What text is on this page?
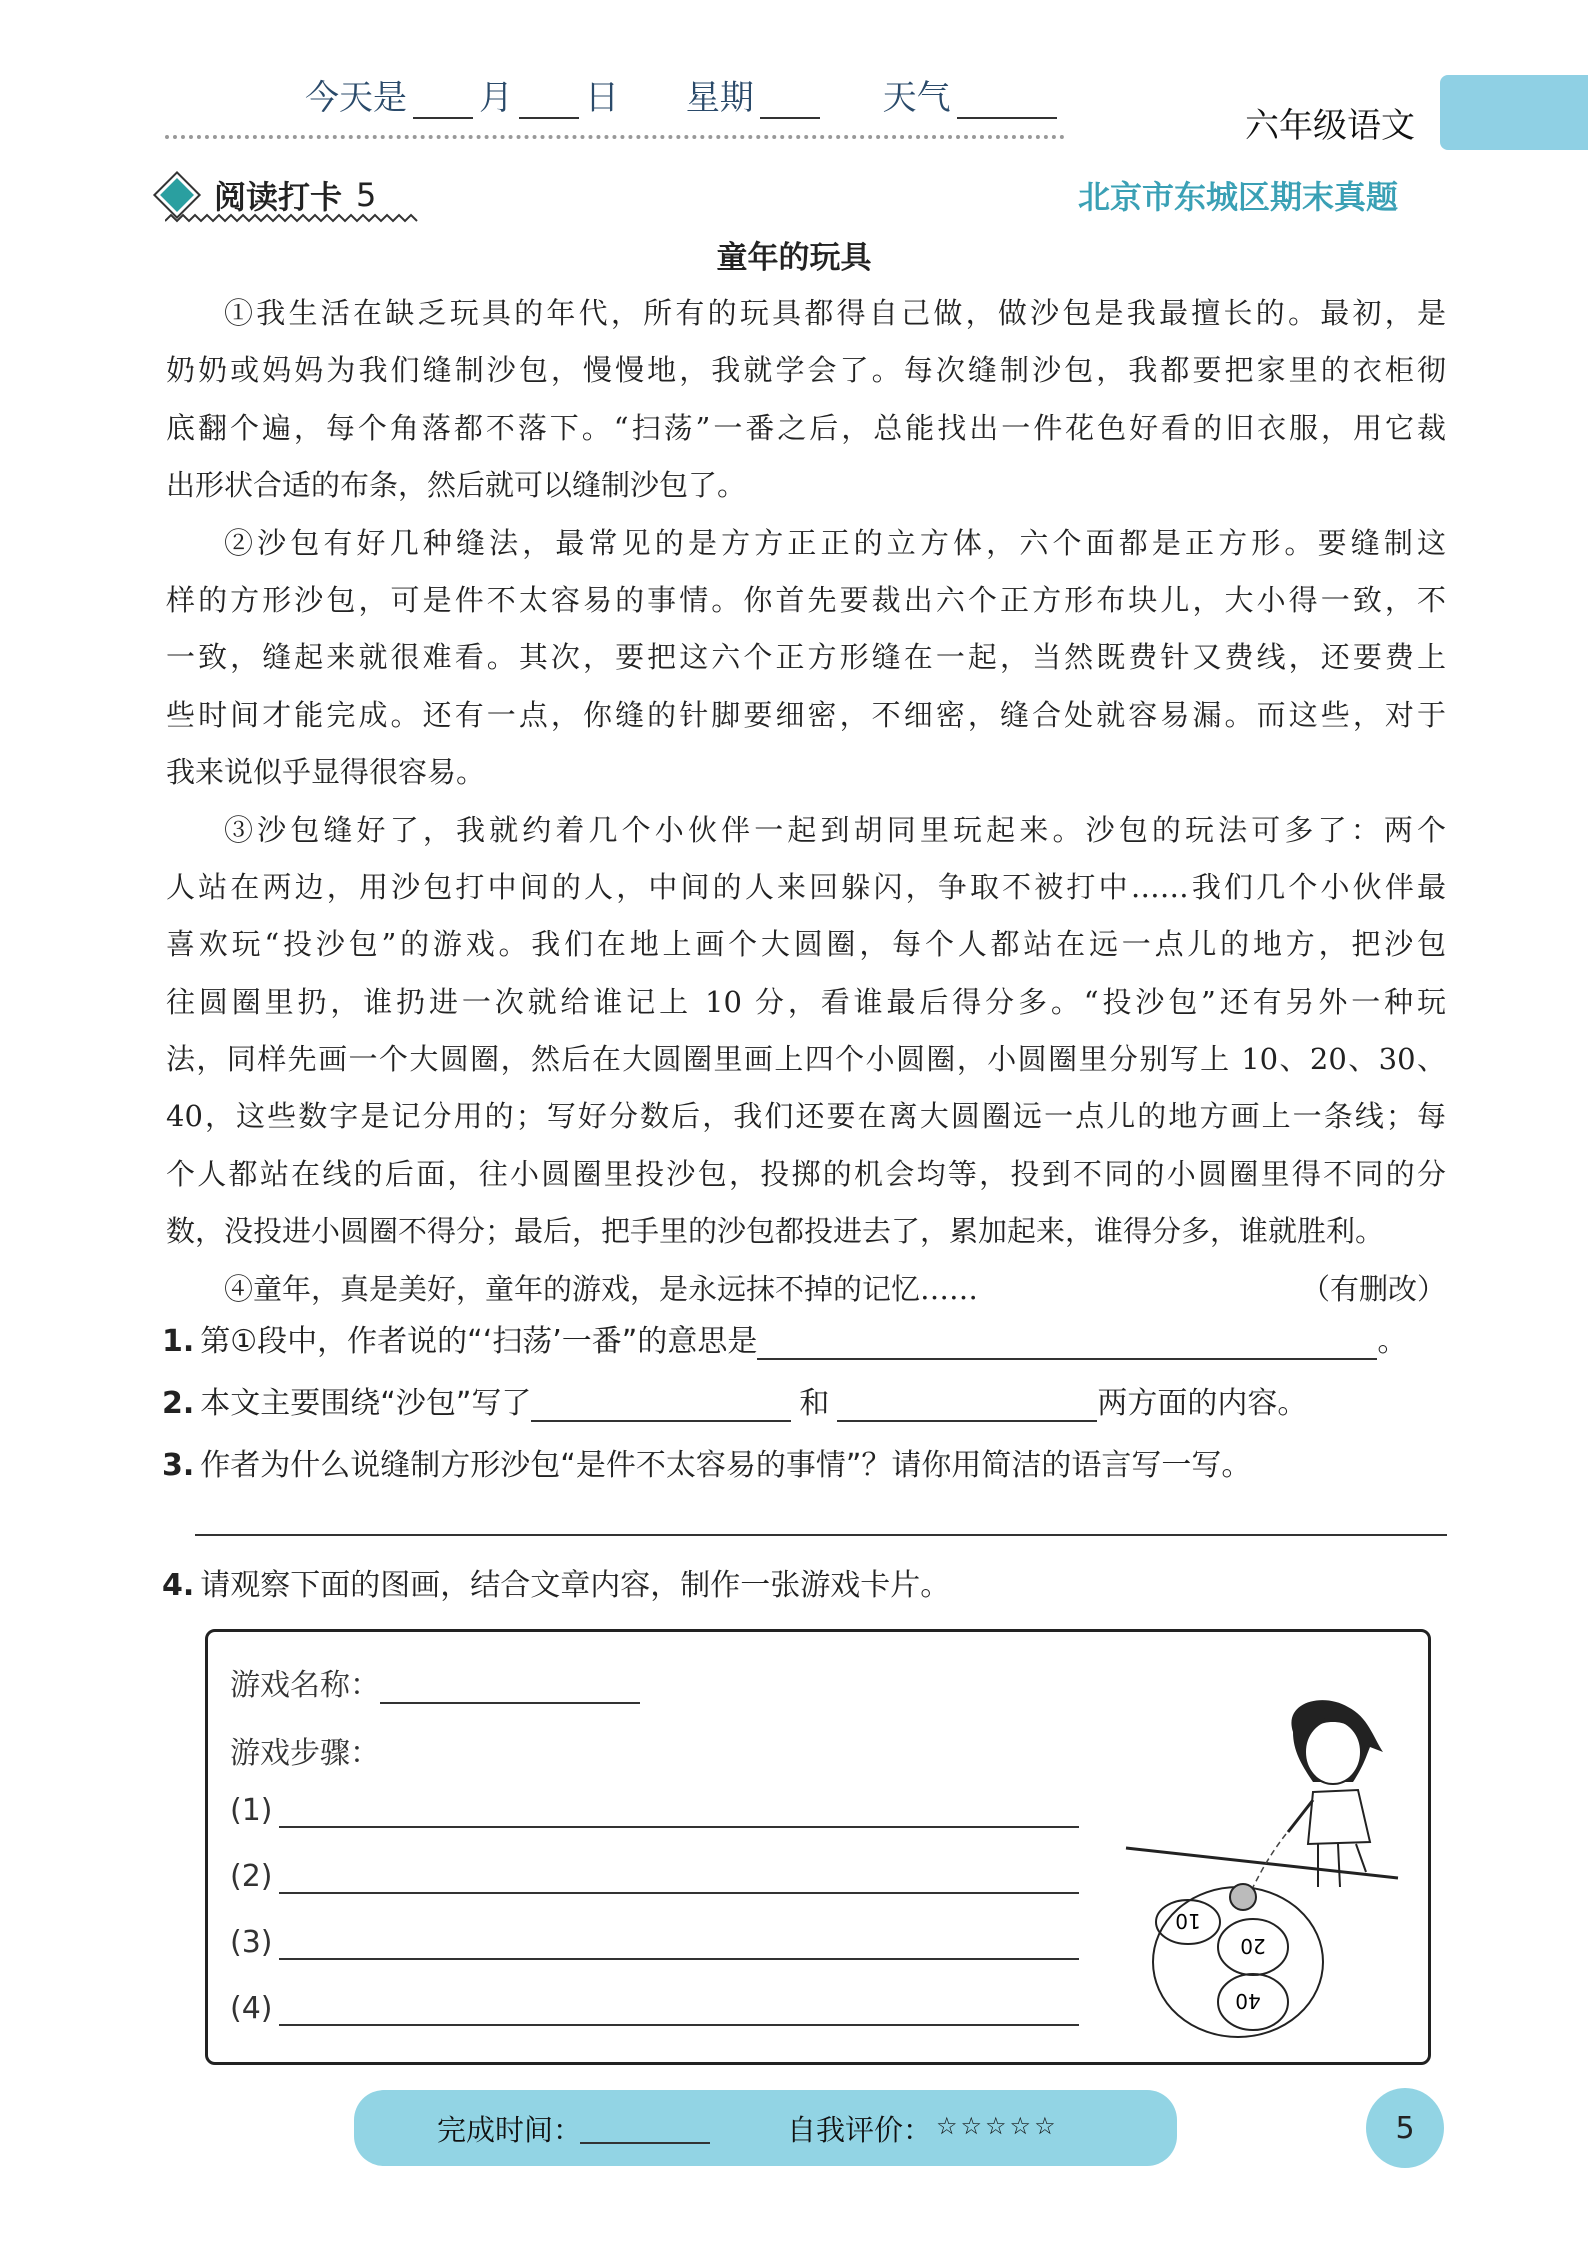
今天是 月 日 星期	天气
六年级语文
阅读打卡 5	北京市东城区期末真题
童年的玩具
①我生活在缺乏玩具的年代，所有的玩具都得自己做，做沙包是我最擅长的。最初，是
奶奶或妈妈为我们缝制沙包，慢慢地，我就学会了。每次缝制沙包，我都要把家里的衣柜彻
底翻个遍，每个角落都不落下。“扫荡”一番之后，总能找出一件花色好看的旧衣服，用它裁
出形状合适的布条，然后就可以缝制沙包了。
②沙包有好几种缝法，最常见的是方方正正的立方体，六个面都是正方形。要缝制这
样的方形沙包，可是件不太容易的事情。你首先要裁出六个正方形布块儿，大小得一致，不
一致，缝起来就很难看。其次，要把这六个正方形缝在一起，当然既费针又费线，还要费上
些时间才能完成。还有一点，你缝的针脚要细密，不细密，缝合处就容易漏。而这些，对于
我来说似乎显得很容易。
③沙包缝好了，我就约着几个小伙伴一起到胡同里玩起来。沙包的玩法可多了：两个
人站在两边，用沙包打中间的人，中间的人来回躲闪，争取不被打中……我们几个小伙伴最
喜欢玩“投沙包”的游戏。我们在地上画个大圆圈，每个人都站在远一点儿的地方，把沙包
往圆圈里扔，谁扔进一次就给谁记上 10 分，看谁最后得分多。“投沙包”还有另外一种玩
法，同样先画一个大圆圈，然后在大圆圈里画上四个小圆圈，小圆圈里分别写上 10、20、30、
40，这些数字是记分用的；写好分数后，我们还要在离大圆圈远一点儿的地方画上一条线；每
个人都站在线的后面，往小圆圈里投沙包，投掷的机会均等，投到不同的小圆圈里得不同的分
数，没投进小圆圈不得分；最后，把手里的沙包都投进去了，累加起来，谁得分多，谁就胜利。
④童年，真是美好，童年的游戏，是永远抹不掉的记忆……	（有删改）
1. 第①段中，作者说的“‘扫荡’一番”的意思是	。
2. 本文主要围绕“沙包”写了	和	两方面的内容。
3. 作者为什么说缝制方形沙包“是件不太容易的事情”？请你用简洁的语言写一写。
4. 请观察下面的图画，结合文章内容，制作一张游戏卡片。
游戏名称：
游戏步骤：
(1)
(2)
(3)
(4)
10
20
40
完成时间：	自我评价： ☆☆☆☆☆	5
